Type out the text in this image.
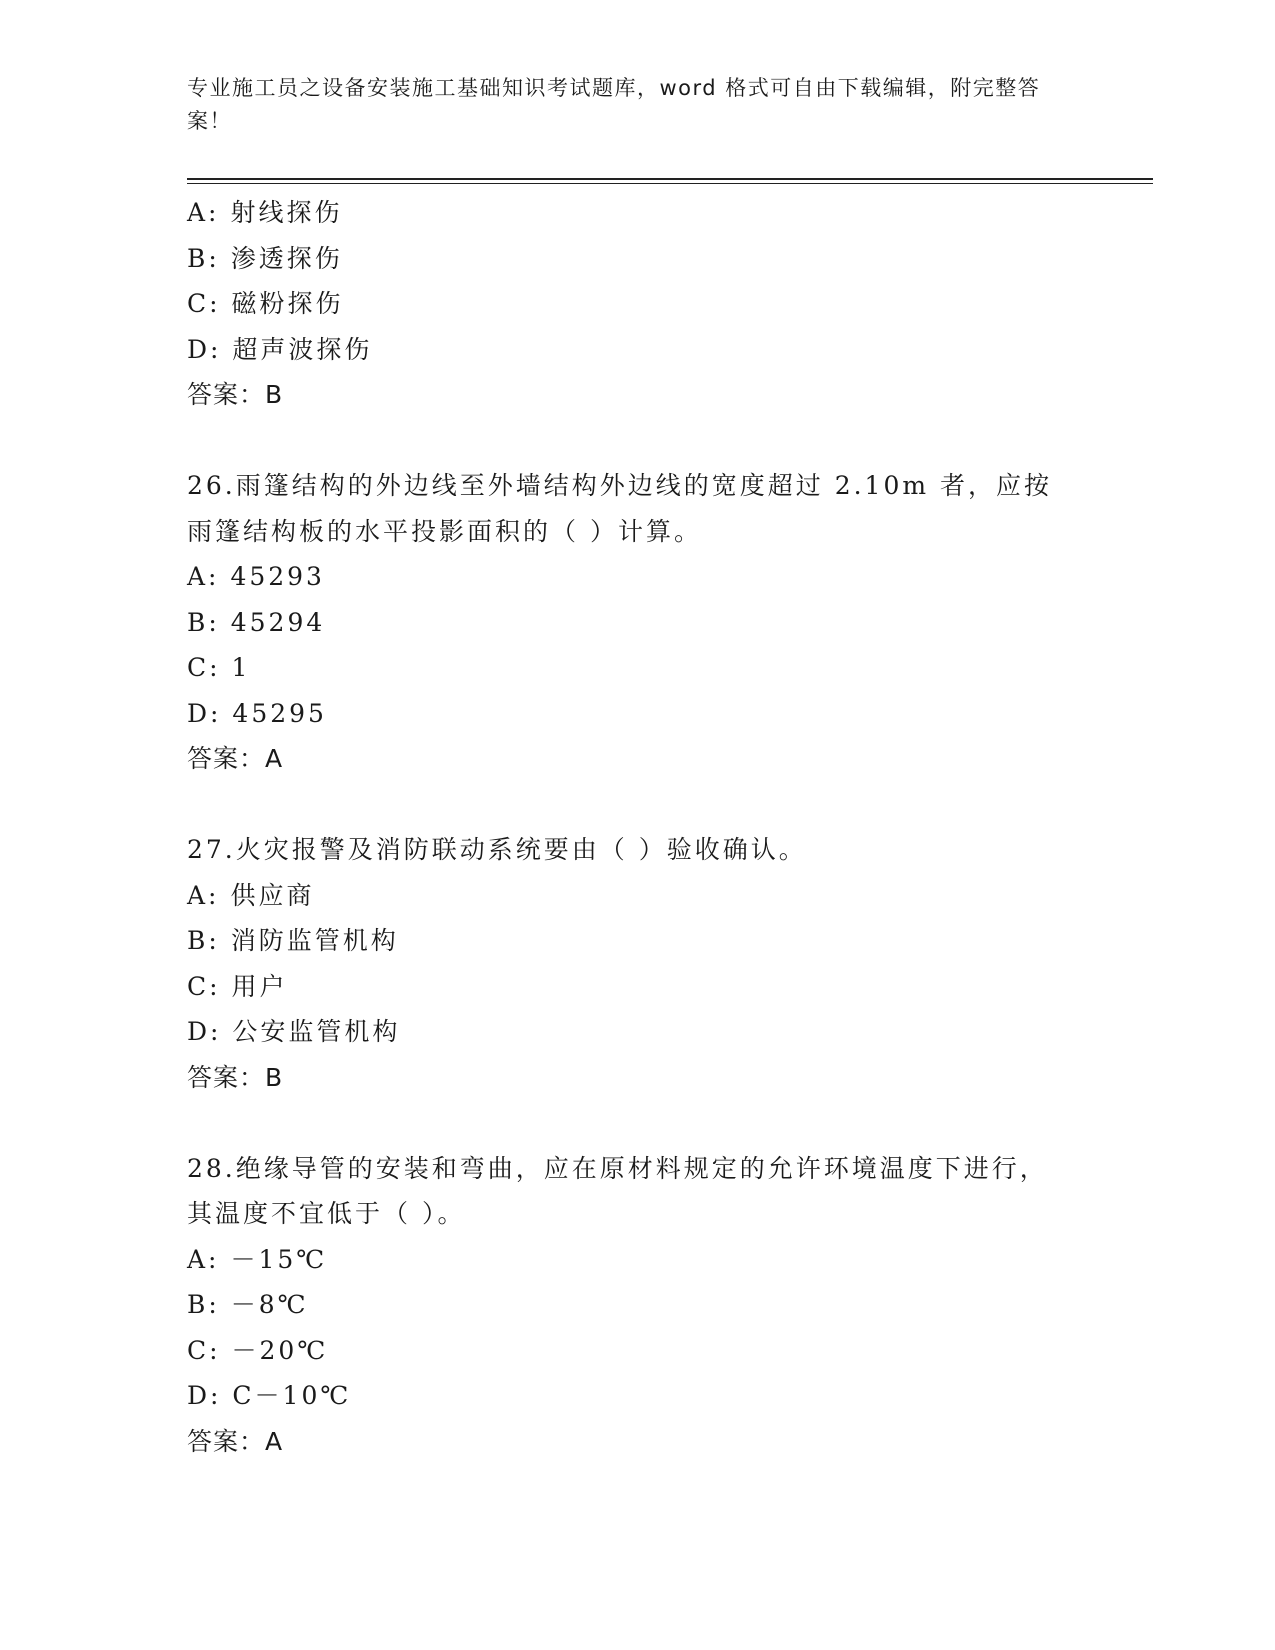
专业施工员之设备安装施工基础知识考试题库，word 格式可自由下载编辑，附完整答案！
A: 射线探伤
B: 渗透探伤
C: 磁粉探伤
D: 超声波探伤
答案：B
26.雨篷结构的外边线至外墙结构外边线的宽度超过 2.10m 者，应按雨篷结构板的水平投影面积的（ ）计算。
A: 45293
B: 45294
C: 1
D: 45295
答案：A
27.火灾报警及消防联动系统要由（ ）验收确认。
A: 供应商
B: 消防监管机构
C: 用户
D: 公安监管机构
答案：B
28.绝缘导管的安装和弯曲，应在原材料规定的允许环境温度下进行，其温度不宜低于（ ）。
A: －15℃
B: －8℃
C: －20℃
D: C－10℃
答案：A
